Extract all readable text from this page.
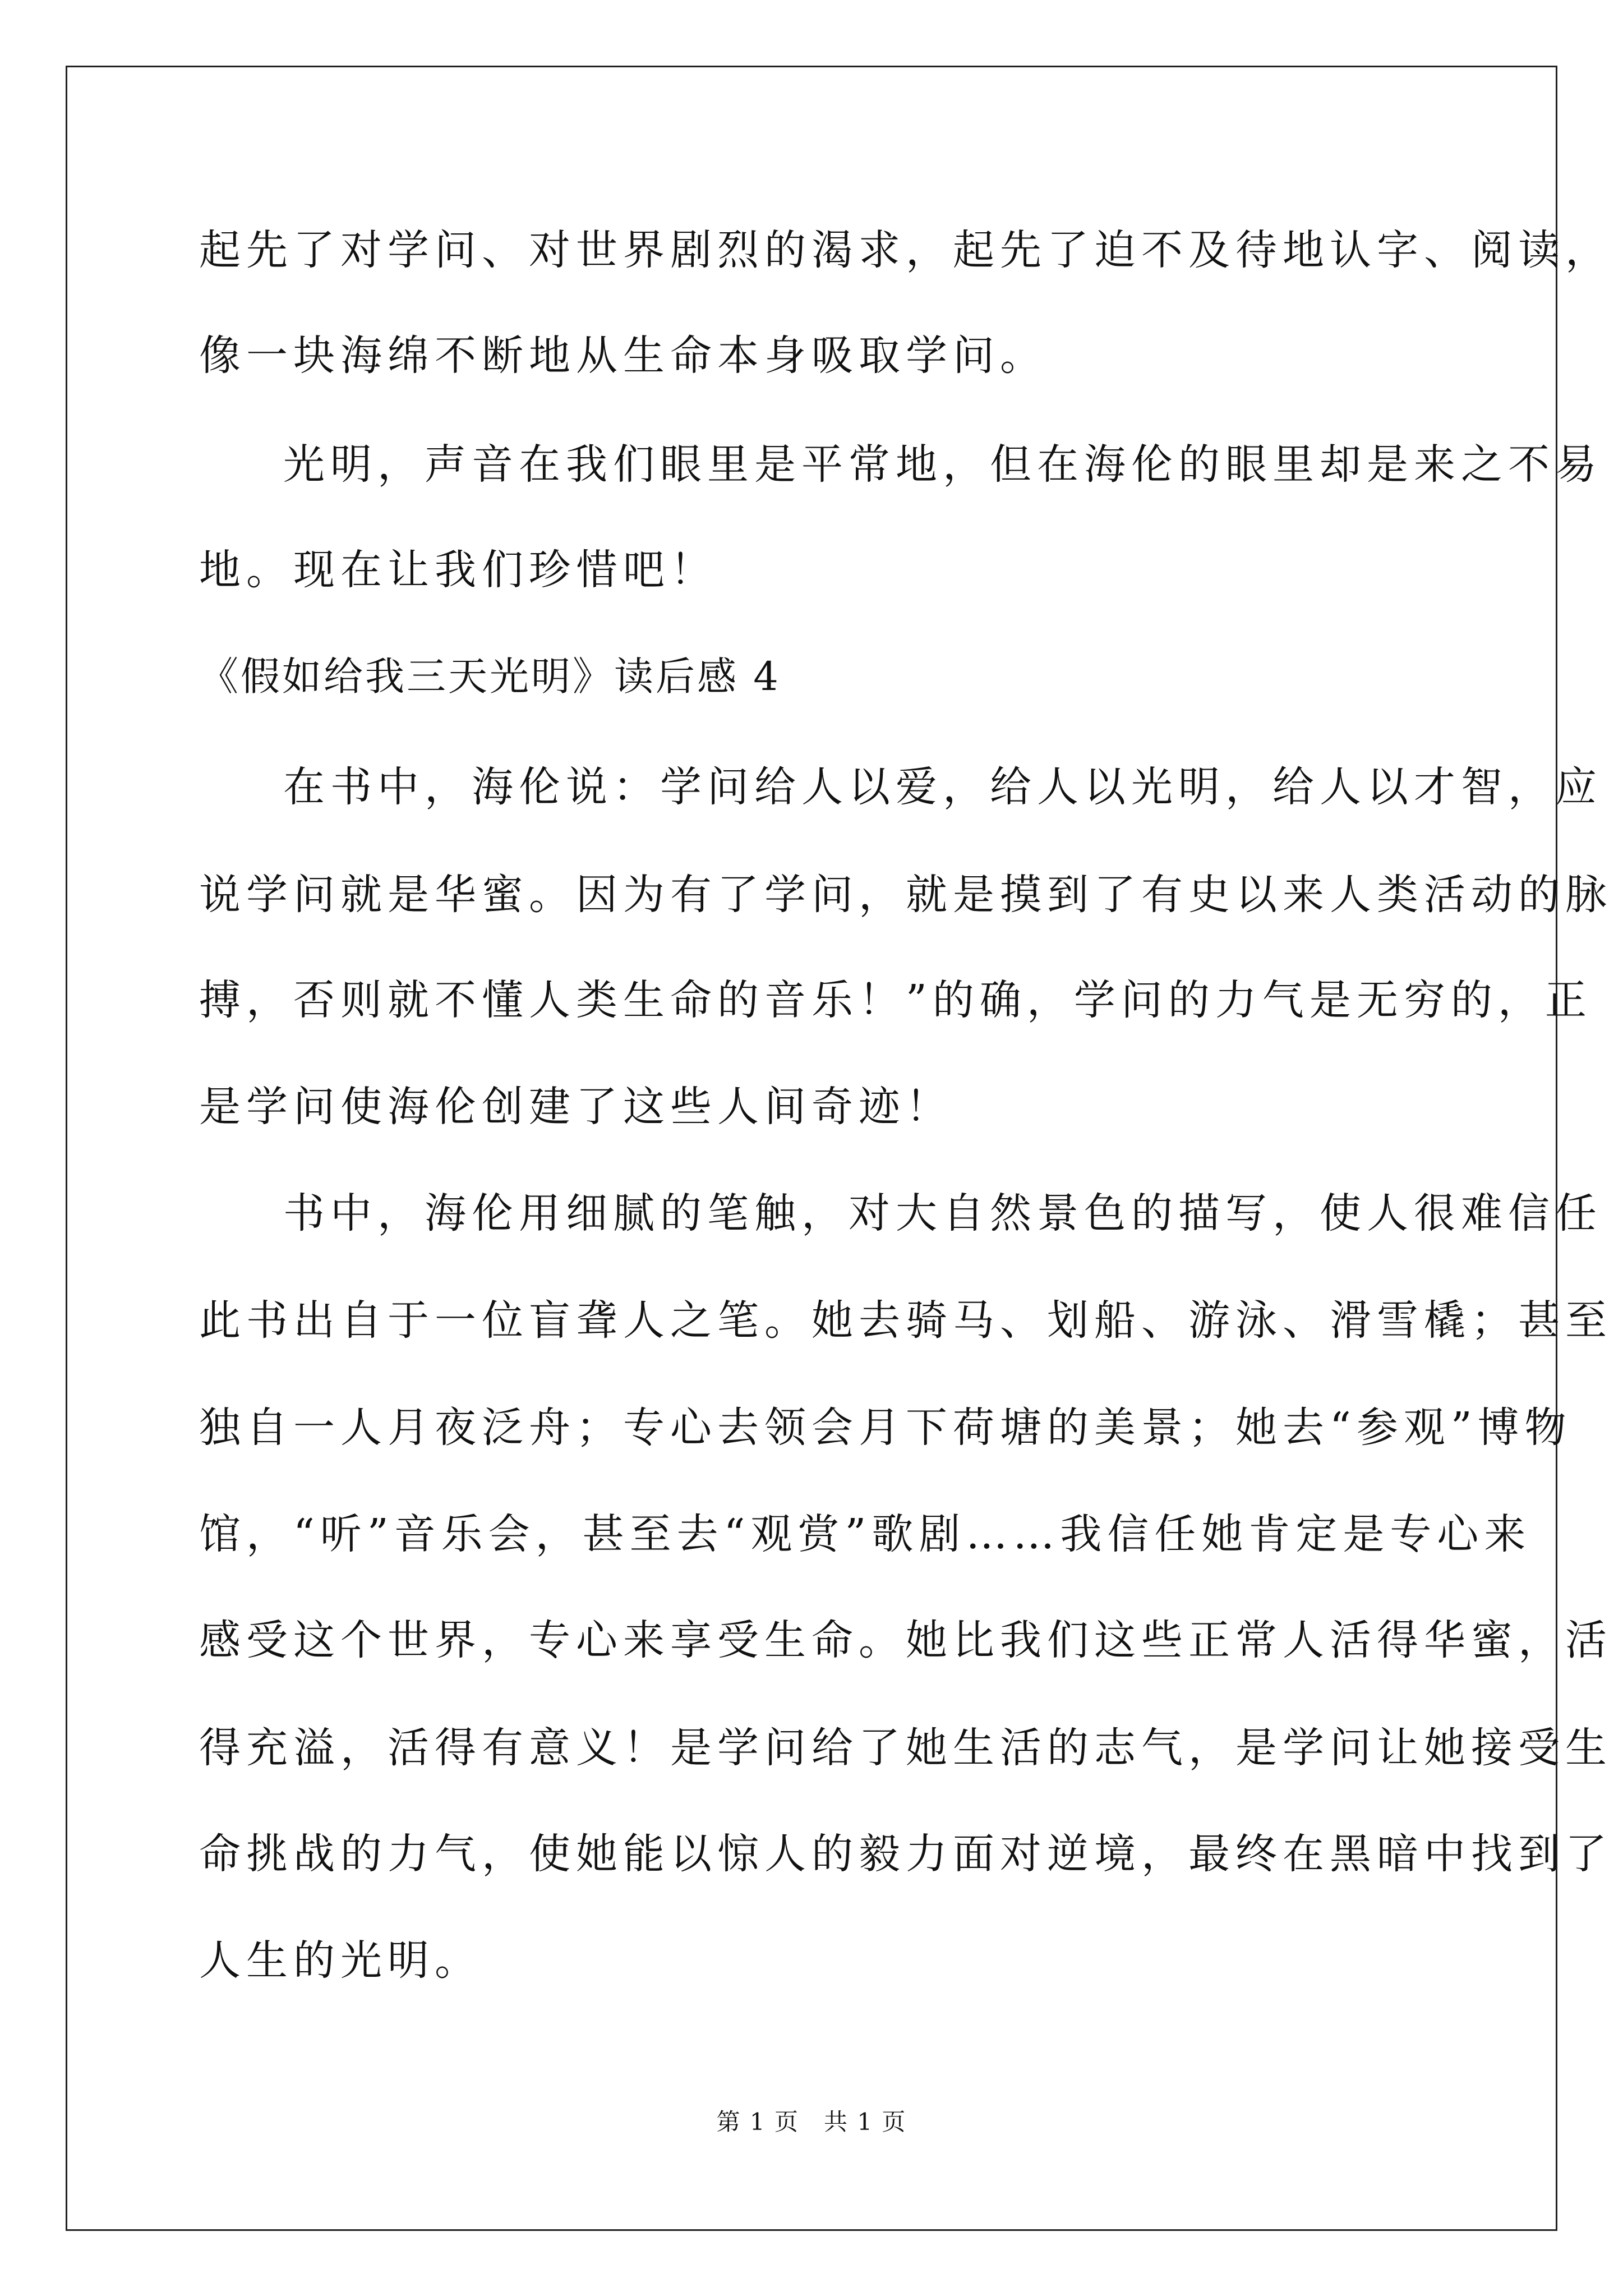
起先了对学问、对世界剧烈的渴求，起先了迫不及待地认字、阅读，
像一块海绵不断地从生命本身吸取学问。
光明，声音在我们眼里是平常地，但在海伦的眼里却是来之不易
地。现在让我们珍惜吧！
《假如给我三天光明》读后感 4
在书中，海伦说：学问给人以爱，给人以光明，给人以才智，应
说学问就是华蜜。因为有了学问，就是摸到了有史以来人类活动的脉
搏，否则就不懂人类生命的音乐！”的确，学问的力气是无穷的，正
是学问使海伦创建了这些人间奇迹！
书中，海伦用细腻的笔触，对大自然景色的描写，使人很难信任
此书出自于一位盲聋人之笔。她去骑马、划船、游泳、滑雪橇；甚至
独自一人月夜泛舟；专心去领会月下荷塘的美景；她去“参观”博物
馆，“听”音乐会，甚至去“观赏”歌剧……我信任她肯定是专心来
感受这个世界，专心来享受生命。她比我们这些正常人活得华蜜，活
得充溢，活得有意义！是学问给了她生活的志气，是学问让她接受生
命挑战的力气，使她能以惊人的毅力面对逆境，最终在黑暗中找到了
人生的光明。
第 1 页　共 1 页
